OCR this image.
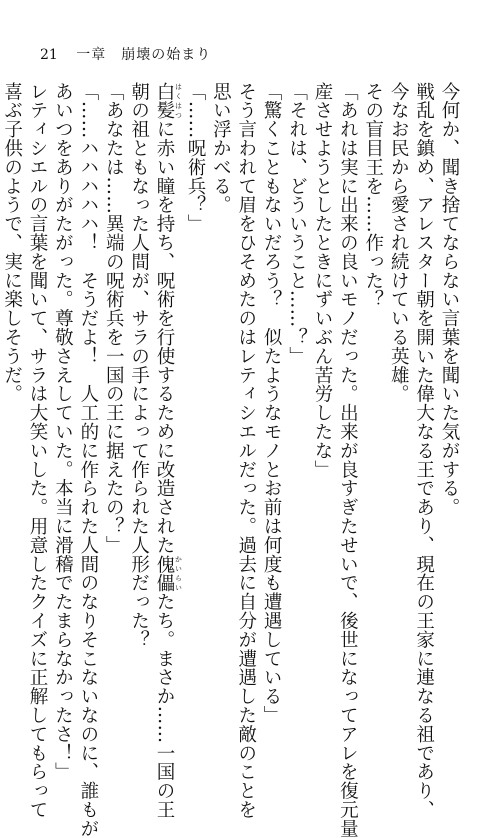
21 一章　崩壊の始まり

今何か、聞き捨てならない言葉を聞いた気がする。

戦乱を鎮め、アレスター朝を開いた偉大なる王であり、現在の王家に連なる祖であり、

今なお民から愛され続けている英雄。

その盲目王を……作った？

「あれは実に出来の良いモノだった。出来が良すぎたせいで、後世になってアレを復元量

産させようとしたときにずいぶん苦労したな」

「それは、どういうこと……？」

「驚くこともないだろう？　似たようなモノとお前は何度も遭遇している」

そう言われて眉をひそめたのはレティシエルだった。過去に自分が遭遇した敵のことを

思い浮かべる。

「……呪術兵？」

白髪 はくはつに赤い瞳を持ち、呪術を行使するために改造された傀儡 かいらいたち。まさか……一国の王

朝の祖ともなった人間が、サラの手によって作られた人形だった？

「あなたは……異端の呪術兵を一国の王に据えたの？」

「……ハハハハハ！　そうだよ！　人工的に作られた人間のなりそこないなのに、誰もが

あいつをありがたがった。尊敬さえしていた。本当に滑稽でたまらなかったさ！」

レティシエルの言葉を聞いて、サラは大笑いした。用意したクイズに正解してもらって

喜ぶ子供のようで、実に楽しそうだ。
